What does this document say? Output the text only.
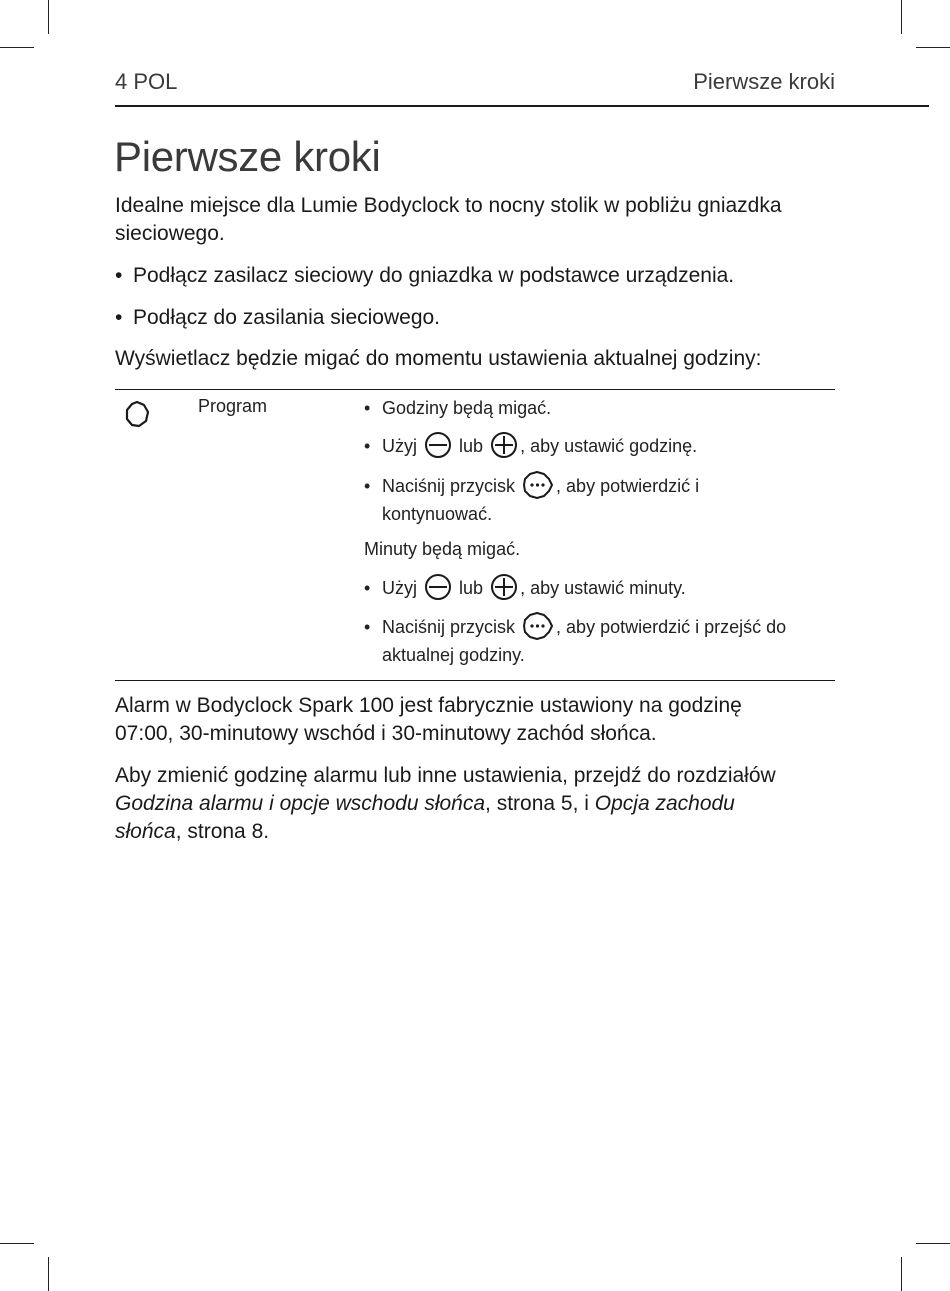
4 POL	Pierwsze kroki
Pierwsze kroki
Idealne miejsce dla Lumie Bodyclock to nocny stolik w pobliżu gniazdka
sieciowego.
• Podłącz zasilacz sieciowy do gniazdka w podstawce urządzenia.
• Podłącz do zasilania sieciowego.
Wyświetlacz będzie migać do momentu ustawienia aktualnej godziny:
Program	• Godziny będą migać.
• Użyj lub , aby ustawić godzinę.
• Naciśnij przycisk , aby potwierdzić i
kontynuować.
Minuty będą migać.
• Użyj lub , aby ustawić minuty.
• Naciśnij przycisk , aby potwierdzić i przejść do
aktualnej godziny.
Alarm w Bodyclock Spark 100 jest fabrycznie ustawiony na godzinę
07:00, 30-minutowy wschód i 30-minutowy zachód słońca.
Aby zmienić godzinę alarmu lub inne ustawienia, przejdź do rozdziałów
Godzina alarmu i opcje wschodu słońca, strona 5, i Opcja zachodu
słońca, strona 8.
